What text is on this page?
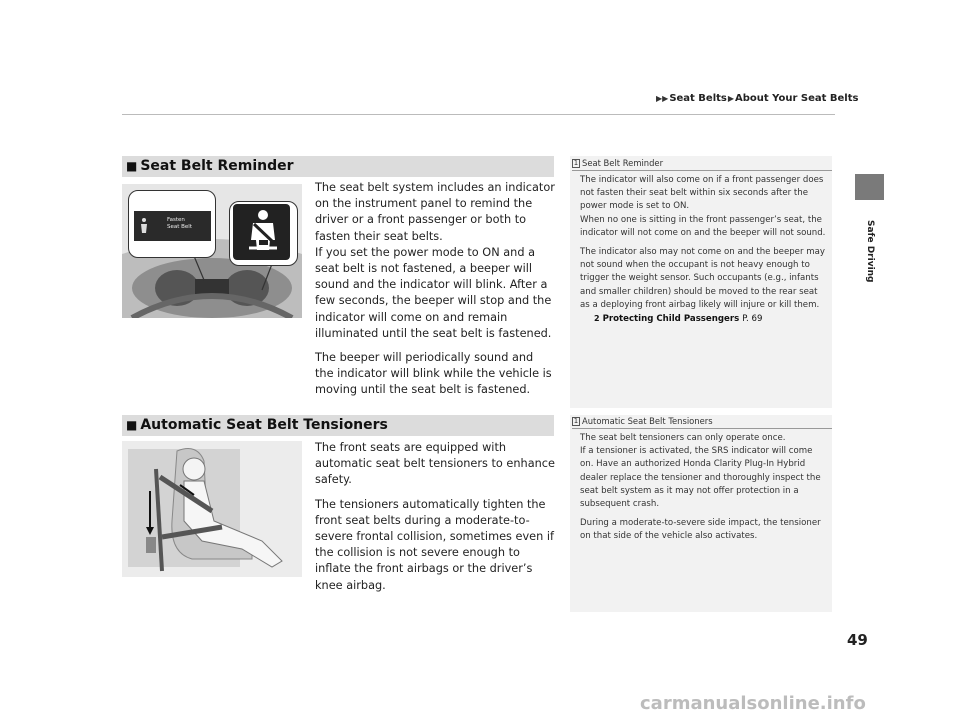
▶▶Seat Belts▶About Your Seat Belts
Safe Driving
■ Seat Belt Reminder
Fasten
Seat Belt

The seat belt system includes an indicator on the instrument panel to remind the driver or a front passenger or both to fasten their seat belts.

If you set the power mode to ON and a seat belt is not fastened, a beeper will sound and the indicator will blink. After a few seconds, the beeper will stop and the indicator will come on and remain illuminated until the seat belt is fastened.

The beeper will periodically sound and the indicator will blink while the vehicle is moving until the seat belt is fastened.

1 Seat Belt Reminder

The indicator will also come on if a front passenger does not fasten their seat belt within six seconds after the power mode is set to ON.

When no one is sitting in the front passenger’s seat, the indicator will not come on and the beeper will not sound.

The indicator also may not come on and the beeper may not sound when the occupant is not heavy enough to trigger the weight sensor. Such occupants (e.g., infants and smaller children) should be moved to the rear seat as a deploying front airbag likely will injure or kill them.

2 Protecting Child Passengers P. 69
■ Automatic Seat Belt Tensioners

The front seats are equipped with automatic seat belt tensioners to enhance safety.

The tensioners automatically tighten the front seat belts during a moderate-to-severe frontal collision, sometimes even if the collision is not severe enough to inflate the front airbags or the driver’s knee airbag.

1 Automatic Seat Belt Tensioners

The seat belt tensioners can only operate once.

If a tensioner is activated, the SRS indicator will come on. Have an authorized Honda Clarity Plug-In Hybrid dealer replace the tensioner and thoroughly inspect the seat belt system as it may not offer protection in a subsequent crash.

During a moderate-to-severe side impact, the tensioner on that side of the vehicle also activates.

49
carmanualsonline.info
